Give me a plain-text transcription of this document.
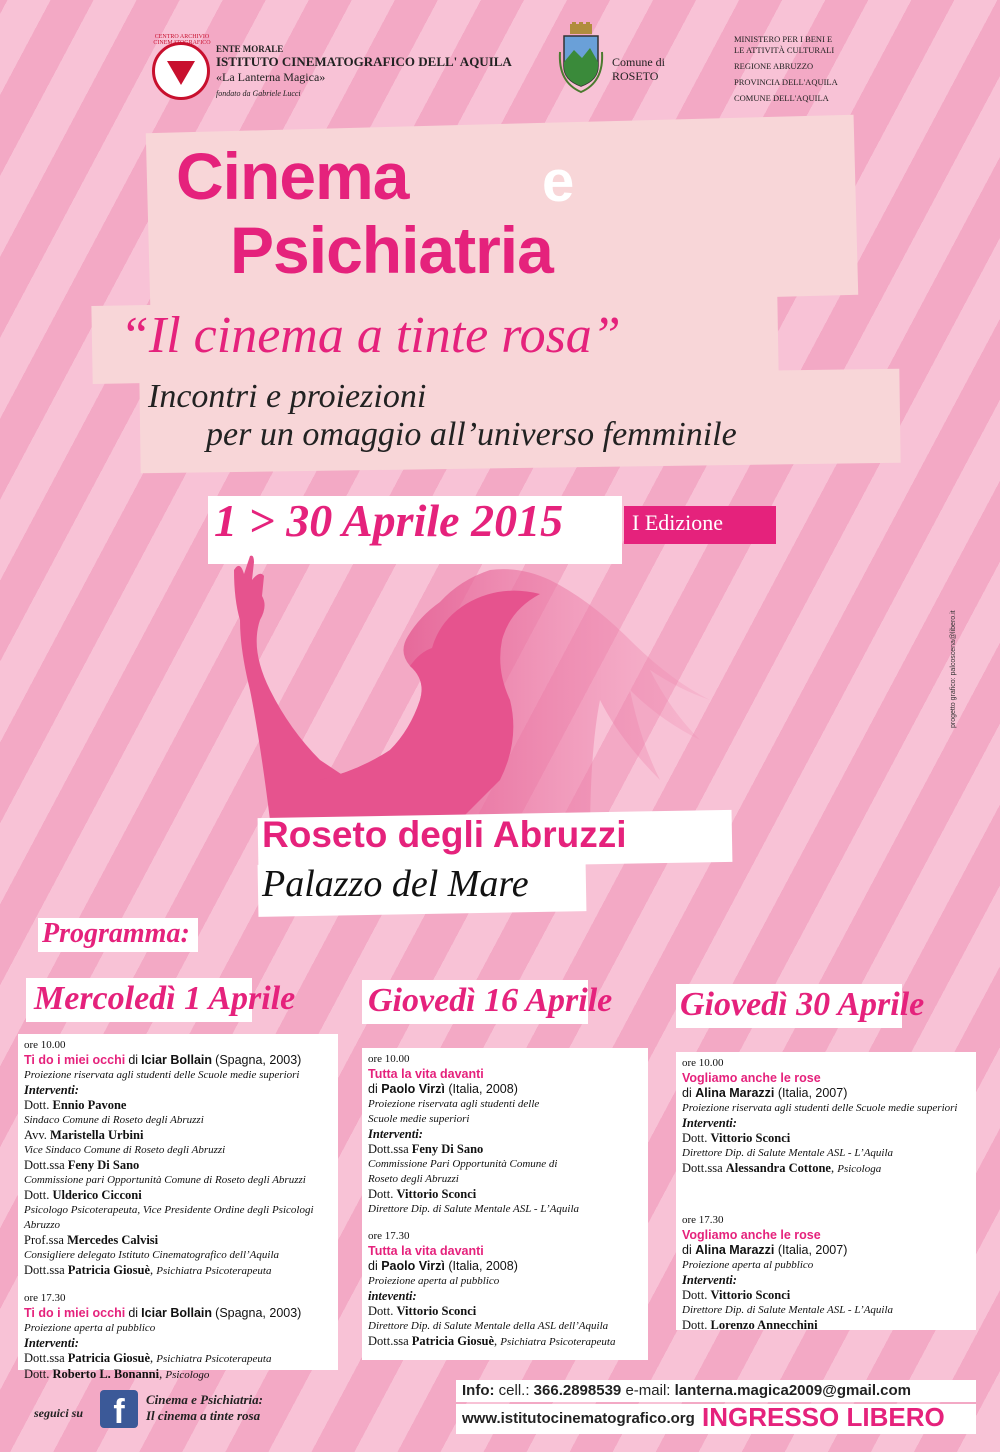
CENTRO ARCHIVIO CINEMATOGRAFICO
ENTE MORALE
ISTITUTO CINEMATOGRAFICO DELL' AQUILA
«La Lanterna Magica»
fondato da Gabriele Lucci
Comune di
ROSETO
MINISTERO PER I BENI E LE ATTIVITÀ CULTURALI
REGIONE ABRUZZO
PROVINCIA DELL'AQUILA
COMUNE DELL'AQUILA
Cinema e
Psichiatria
“Il cinema a tinte rosa”
Incontri e proiezioni
per un omaggio all’universo femminile
1 > 30 Aprile 2015	I Edizione
Roseto degli Abruzzi
Palazzo del Mare
Programma:
Mercoledì 1 Aprile Giovedì 16 Aprile Giovedì 30 Aprile
ore 10.00
Ti do i miei occhi di Iciar Bollain (Spagna, 2003)
Proiezione riservata agli studenti delle Scuole medie superiori
Interventi:
Dott. Ennio Pavone
Sindaco Comune di Roseto degli Abruzzi
Avv. Maristella Urbini
Vice Sindaco Comune di Roseto degli Abruzzi
Dott.ssa Feny Di Sano
Commissione pari Opportunità Comune di Roseto degli Abruzzi
Dott. Ulderico Cicconi
Psicologo Psicoterapeuta, Vice Presidente Ordine degli Psicologi Abruzzo
Prof.ssa Mercedes Calvisi
Consigliere delegato Istituto Cinematografico dell’Aquila
Dott.ssa Patricia Giosuè, Psichiatra Psicoterapeuta
ore 17.30
Ti do i miei occhi di Iciar Bollain (Spagna, 2003)
Proiezione aperta al pubblico
Interventi:
Dott.ssa Patricia Giosuè, Psichiatra Psicoterapeuta
Dott. Roberto L. Bonanni, Psicologo
ore 10.00
Tutta la vita davanti
di Paolo Virzì (Italia, 2008)
Proiezione riservata agli studenti delle Scuole medie superiori
Interventi:
Dott.ssa Feny Di Sano
Commissione Pari Opportunità Comune di Roseto degli Abruzzi
Dott. Vittorio Sconci
Direttore Dip. di Salute Mentale ASL - L’Aquila
ore 17.30
Tutta la vita davanti
di Paolo Virzì (Italia, 2008)
Proiezione aperta al pubblico
inteventi:
Dott. Vittorio Sconci
Direttore Dip. di Salute Mentale della ASL dell’Aquila
Dott.ssa Patricia Giosuè, Psichiatra Psicoterapeuta
ore 10.00
Vogliamo anche le rose
di Alina Marazzi (Italia, 2007)
Proiezione riservata agli studenti delle Scuole medie superiori
Interventi:
Dott. Vittorio Sconci
Direttore Dip. di Salute Mentale ASL - L’Aquila
Dott.ssa Alessandra Cottone, Psicologa
ore 17.30
Vogliamo anche le rose
di Alina Marazzi (Italia, 2007)
Proiezione aperta al pubblico
Interventi:
Dott. Vittorio Sconci
Direttore Dip. di Salute Mentale ASL - L’Aquila
Dott. Lorenzo Annecchini
seguici su f	Cinema e Psichiatria:
Il cinema a tinte rosa
Info: cell.: 366.2898539 e-mail: lanterna.magica2009@gmail.com
www.istitutocinematografico.org INGRESSO LIBERO
progetto grafico: palcoscena@libero.it
